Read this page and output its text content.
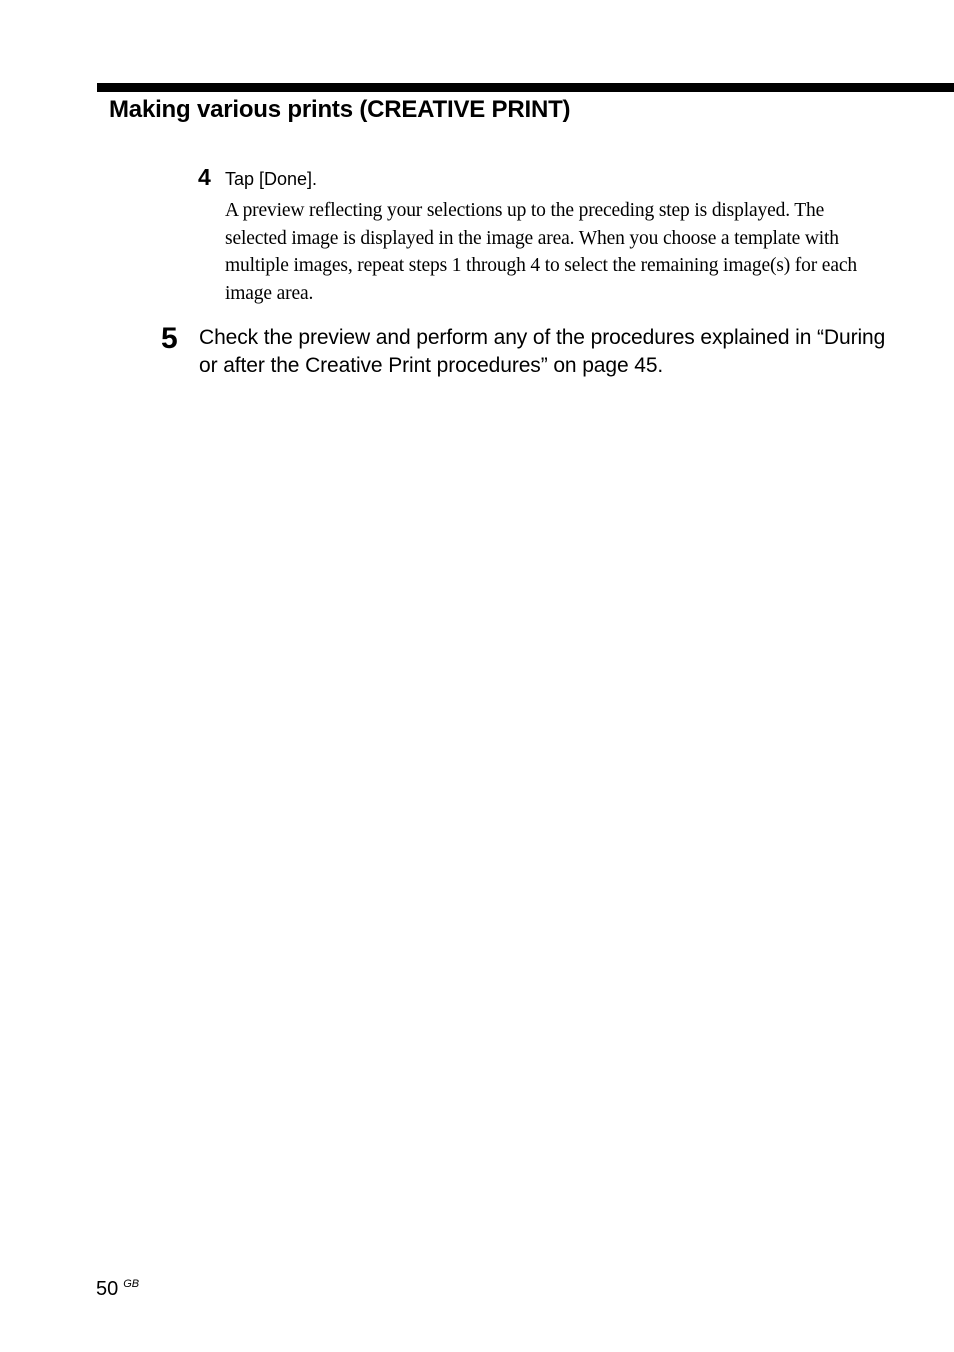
Making various prints (CREATIVE PRINT)
4 Tap [Done].

A preview reflecting your selections up to the preceding step is displayed. The selected image is displayed in the image area. When you choose a template with multiple images, repeat steps 1 through 4 to select the remaining image(s) for each image area.

5 Check the preview and perform any of the procedures explained in “During or after the Creative Print procedures” on page 45.

50 $^{GB}$
